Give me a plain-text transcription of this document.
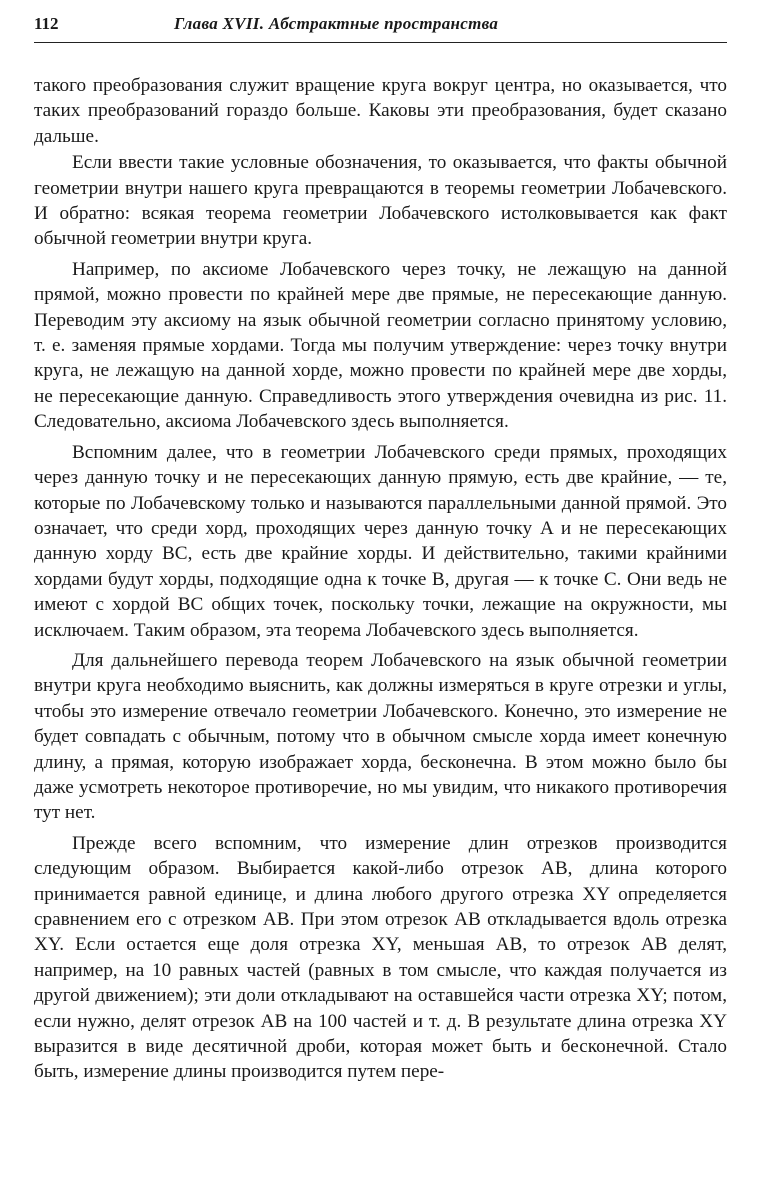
112	Глава XVII. Абстрактные пространства

такого преобразования служит вращение круга вокруг центра, но оказывается, что таких преобразований гораздо больше. Каковы эти преобразования, будет сказано дальше.

Если ввести такие условные обозначения, то оказывается, что факты обычной геометрии внутри нашего круга превращаются в теоремы геометрии Лобачевского. И обратно: всякая теорема геометрии Лобачевского истолковывается как факт обычной геометрии внутри круга.

Например, по аксиоме Лобачевского через точку, не лежащую на данной прямой, можно провести по крайней мере две прямые, не пересекающие данную. Переводим эту аксиому на язык обычной геометрии согласно принятому условию, т. е. заменяя прямые хордами. Тогда мы получим утверждение: через точку внутри круга, не лежащую на данной хорде, можно провести по крайней мере две хорды, не пересекающие данную. Справедливость этого утверждения очевидна из рис. 11. Следовательно, аксиома Лобачевского здесь выполняется.

Вспомним далее, что в геометрии Лобачевского среди прямых, проходящих через данную точку и не пересекающих данную прямую, есть две крайние, — те, которые по Лобачевскому только и называются параллельными данной прямой. Это означает, что среди хорд, проходящих через данную точку A и не пересекающих данную хорду BC, есть две крайние хорды. И действительно, такими крайними хордами будут хорды, подходящие одна к точке B, другая — к точке C. Они ведь не имеют с хордой BC общих точек, поскольку точки, лежащие на окружности, мы исключаем. Таким образом, эта теорема Лобачевского здесь выполняется.

Для дальнейшего перевода теорем Лобачевского на язык обычной геометрии внутри круга необходимо выяснить, как должны измеряться в круге отрезки и углы, чтобы это измерение отвечало геометрии Лобачевского. Конечно, это измерение не будет совпадать с обычным, потому что в обычном смысле хорда имеет конечную длину, а прямая, которую изображает хорда, бесконечна. В этом можно было бы даже усмотреть некоторое противоречие, но мы увидим, что никакого противоречия тут нет.

Прежде всего вспомним, что измерение длин отрезков производится следующим образом. Выбирается какой-либо отрезок AB, длина которого принимается равной единице, и длина любого другого отрезка XY определяется сравнением его с отрезком AB. При этом отрезок AB откладывается вдоль отрезка XY. Если остается еще доля отрезка XY, меньшая AB, то отрезок AB делят, например, на 10 равных частей (равных в том смысле, что каждая получается из другой движением); эти доли откладывают на оставшейся части отрезка XY; потом, если нужно, делят отрезок AB на 100 частей и т. д. В результате длина отрезка XY выразится в виде десятичной дроби, которая может быть и бесконечной. Стало быть, измерение длины производится путем пере-
